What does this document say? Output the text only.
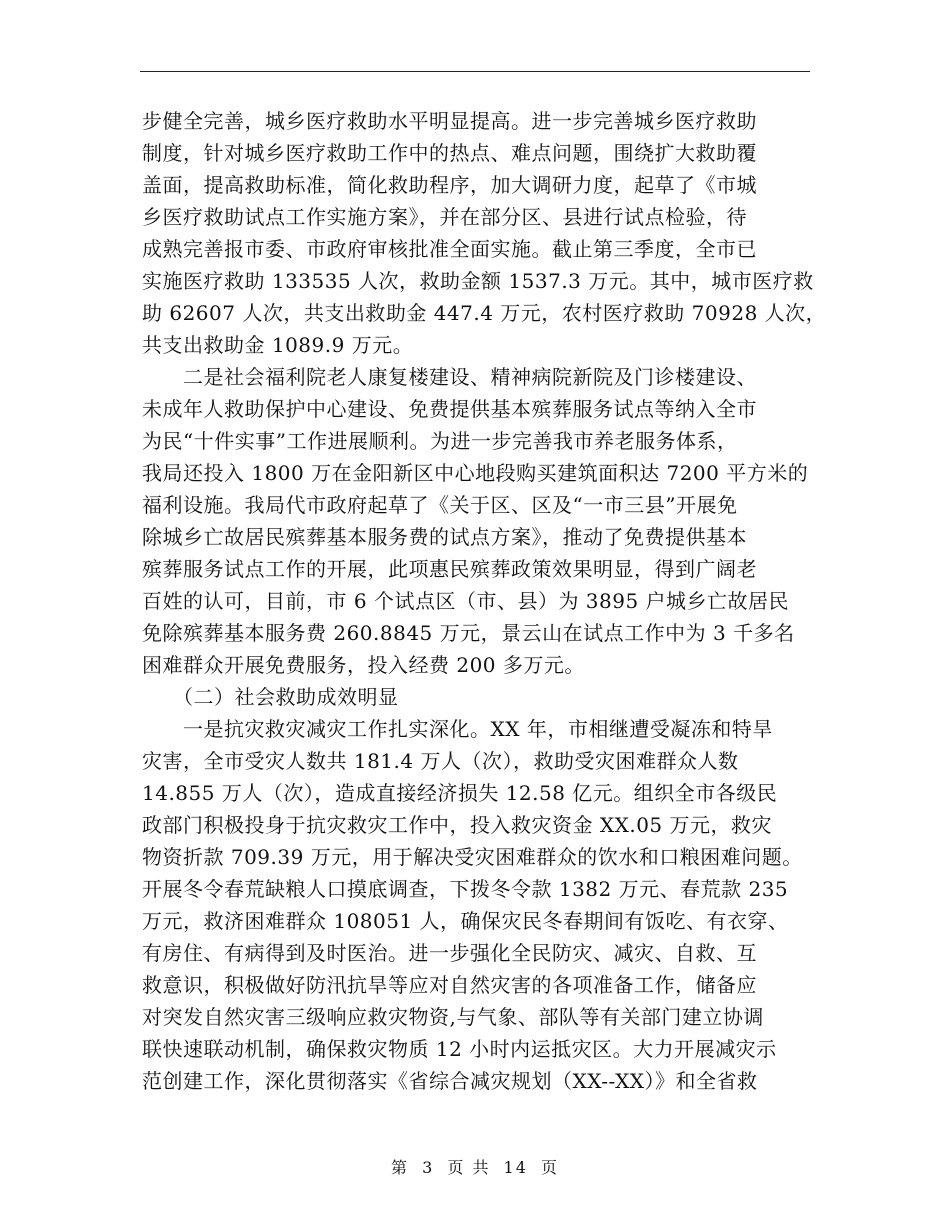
步健全完善，城乡医疗救助水平明显提高。进一步完善城乡医疗救助
制度，针对城乡医疗救助工作中的热点、难点问题，围绕扩大救助覆
盖面，提高救助标准，简化救助程序，加大调研力度，起草了《市城
乡医疗救助试点工作实施方案》，并在部分区、县进行试点检验，待
成熟完善报市委、市政府审核批准全面实施。截止第三季度，全市已
实施医疗救助 133535 人次，救助金额 1537.3 万元。其中，城市医疗救
助 62607 人次，共支出救助金 447.4 万元，农村医疗救助 70928 人次，
共支出救助金 1089.9 万元。
　　二是社会福利院老人康复楼建设、精神病院新院及门诊楼建设、
未成年人救助保护中心建设、免费提供基本殡葬服务试点等纳入全市
为民“十件实事”工作进展顺利。为进一步完善我市养老服务体系，
我局还投入 1800 万在金阳新区中心地段购买建筑面积达 7200 平方米的
福利设施。我局代市政府起草了《关于区、区及“一市三县”开展免
除城乡亡故居民殡葬基本服务费的试点方案》，推动了免费提供基本
殡葬服务试点工作的开展，此项惠民殡葬政策效果明显，得到广阔老
百姓的认可，目前，市 6 个试点区（市、县）为 3895 户城乡亡故居民
免除殡葬基本服务费 260.8845 万元，景云山在试点工作中为 3 千多名
困难群众开展免费服务，投入经费 200 多万元。
　　（二）社会救助成效明显
　　一是抗灾救灾减灾工作扎实深化。XX 年，市相继遭受凝冻和特旱
灾害，全市受灾人数共 181.4 万人（次），救助受灾困难群众人数
14.855 万人（次），造成直接经济损失 12.58 亿元。组织全市各级民
政部门积极投身于抗灾救灾工作中，投入救灾资金 XX.05 万元，救灾
物资折款 709.39 万元，用于解决受灾困难群众的饮水和口粮困难问题。
开展冬令春荒缺粮人口摸底调查，下拨冬令款 1382 万元、春荒款 235
万元，救济困难群众 108051 人，确保灾民冬春期间有饭吃、有衣穿、
有房住、有病得到及时医治。进一步强化全民防灾、减灾、自救、互
救意识，积极做好防汛抗旱等应对自然灾害的各项准备工作，储备应
对突发自然灾害三级响应救灾物资,与气象、部队等有关部门建立协调
联快速联动机制，确保救灾物质 12 小时内运抵灾区。大力开展减灾示
范创建工作，深化贯彻落实《省综合减灾规划（XX--XX）》和全省救
第 3 页 共 14 页
